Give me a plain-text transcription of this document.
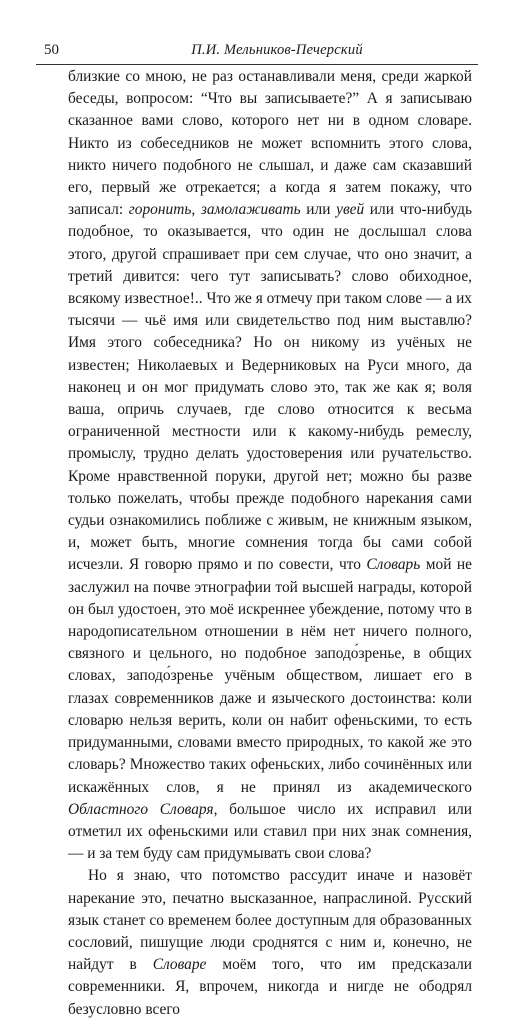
50	П.И. Мельников-Печерский

близкие со мною, не раз останавливали меня, среди жаркой беседы, вопросом: “Что вы записываете?” А я записываю сказанное вами слово, которого нет ни в одном словаре. Никто из собеседников не может вспомнить этого слова, никто ничего подобного не слышал, и даже сам сказавший его, первый же отрекается; а когда я затем покажу, что записал: горонить, замолаживать или увей или что-нибудь подобное, то оказывается, что один не дослышал слова этого, другой спрашивает при сем случае, что оно значит, а третий дивится: чего тут записывать? слово обиходное, всякому известное!.. Что же я отмечу при таком слове — а их тысячи — чьё имя или свидетельство под ним выставлю? Имя этого собеседника? Но он никому из учёных не известен; Николаевых и Ведерниковых на Руси много, да наконец и он мог придумать слово это, так же как я; воля ваша, опричь случаев, где слово относится к весьма ограниченной местности или к какому-нибудь ремеслу, промыслу, трудно делать удостоверения или ручательство. Кроме нравственной поруки, другой нет; можно бы разве только пожелать, чтобы прежде подобного нарекания сами судьи ознакомились поближе с живым, не книжным языком, и, может быть, многие сомнения тогда бы сами собой исчезли. Я говорю прямо и по совести, что Словарь мой не заслужил на почве этнографии той высшей награды, которой он был удостоен, это моё искреннее убеждение, потому что в народописательном отношении в нём нет ничего полного, связного и цельного, но подобное заподо́зренье, в общих словах, заподо́зренье учёным обществом, лишает его в глазах современников даже и языческого достоинства: коли словарю нельзя верить, коли он набит офеньскими, то есть придуманными, словами вместо природных, то какой же это словарь? Множество таких офеньских, либо сочинённых или искажённых слов, я не принял из академического Областного Словаря, большое число их исправил или отметил их офеньскими или ставил при них знак сомнения, — и за тем буду сам придумывать свои слова?

Но я знаю, что потомство рассудит иначе и назовёт нарекание это, печатно высказанное, напраслиной. Русский язык станет со временем более доступным для образованных сословий, пишущие люди сроднятся с ним и, конечно, не найдут в Словаре моём того, что им предсказали современники. Я, впрочем, никогда и нигде не ободрял безусловно всего
